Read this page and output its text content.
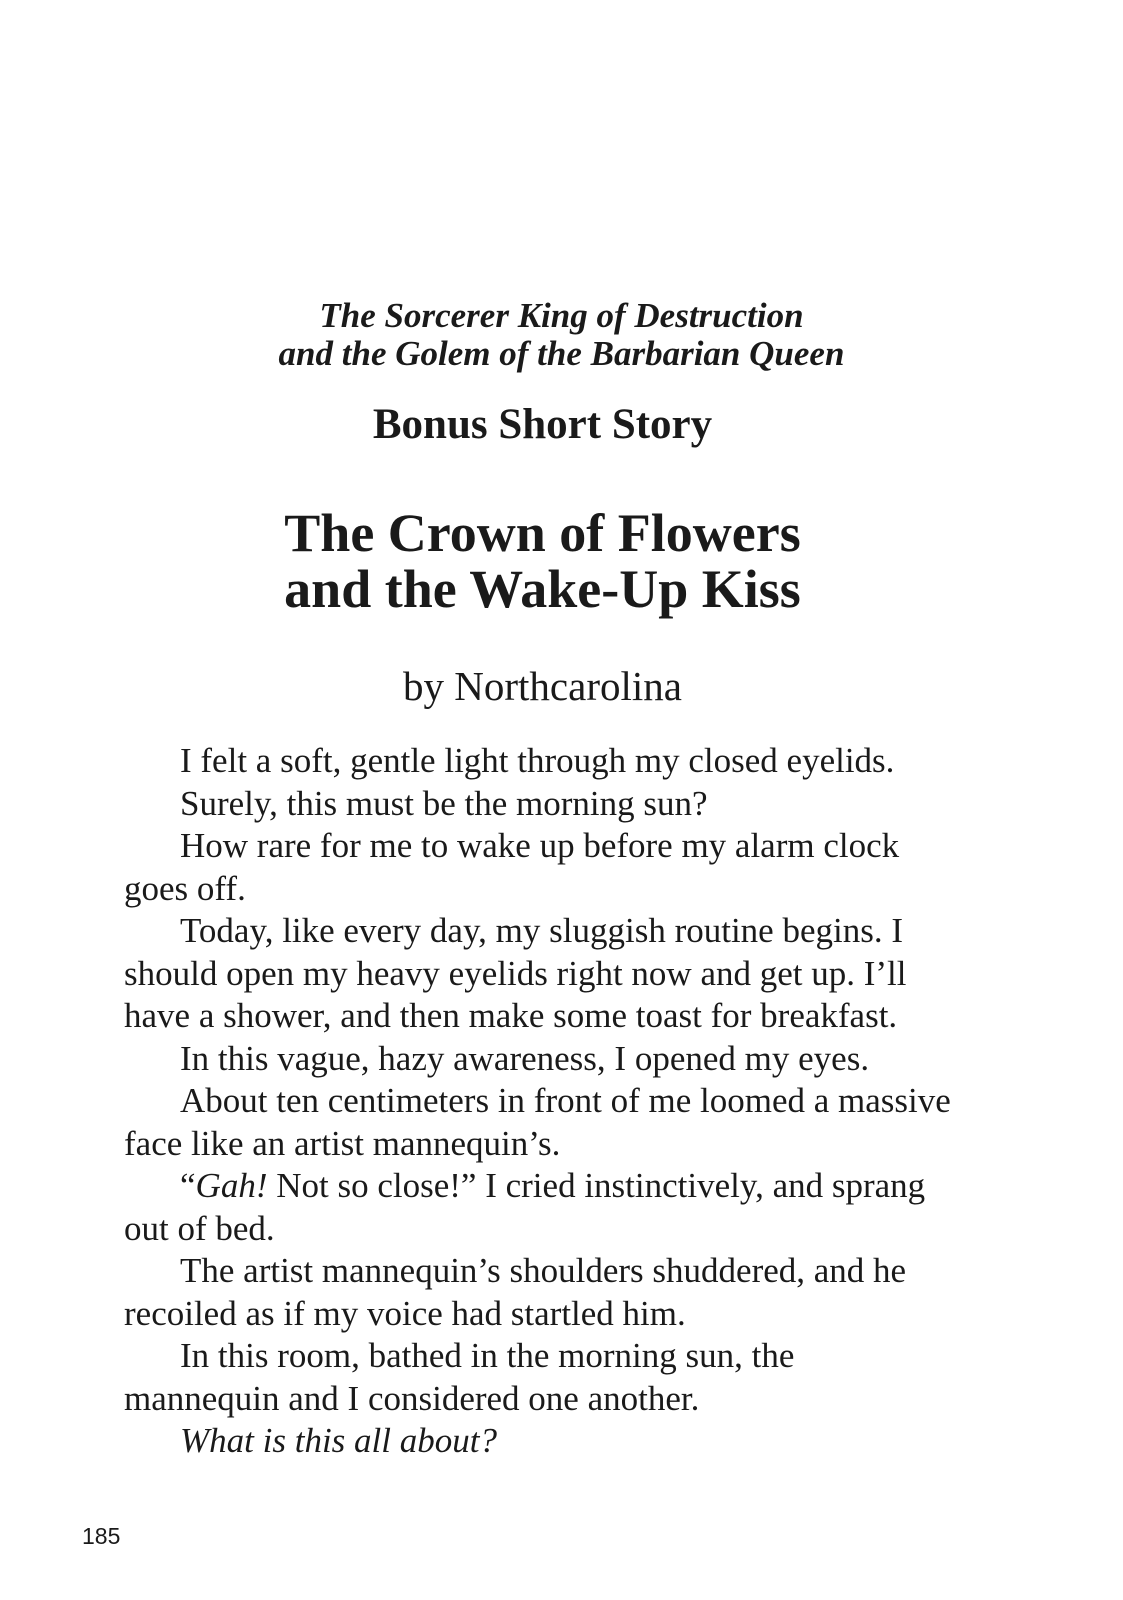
The Sorcerer King of Destruction
and the Golem of the Barbarian Queen
Bonus Short Story
The Crown of Flowers
and the Wake-Up Kiss

by Northcarolina

I felt a soft, gentle light through my closed eyelids.

Surely, this must be the morning sun?

How rare for me to wake up before my alarm clock goes off.

Today, like every day, my sluggish routine begins. I should open my heavy eyelids right now and get up. I’ll have a shower, and then make some toast for breakfast.

In this vague, hazy awareness, I opened my eyes.

About ten centimeters in front of me loomed a massive face like an artist mannequin’s.

“Gah! Not so close!” I cried instinctively, and sprang out of bed.

The artist mannequin’s shoulders shuddered, and he recoiled as if my voice had startled him.

In this room, bathed in the morning sun, the mannequin and I considered one another.

What is this all about?

185
